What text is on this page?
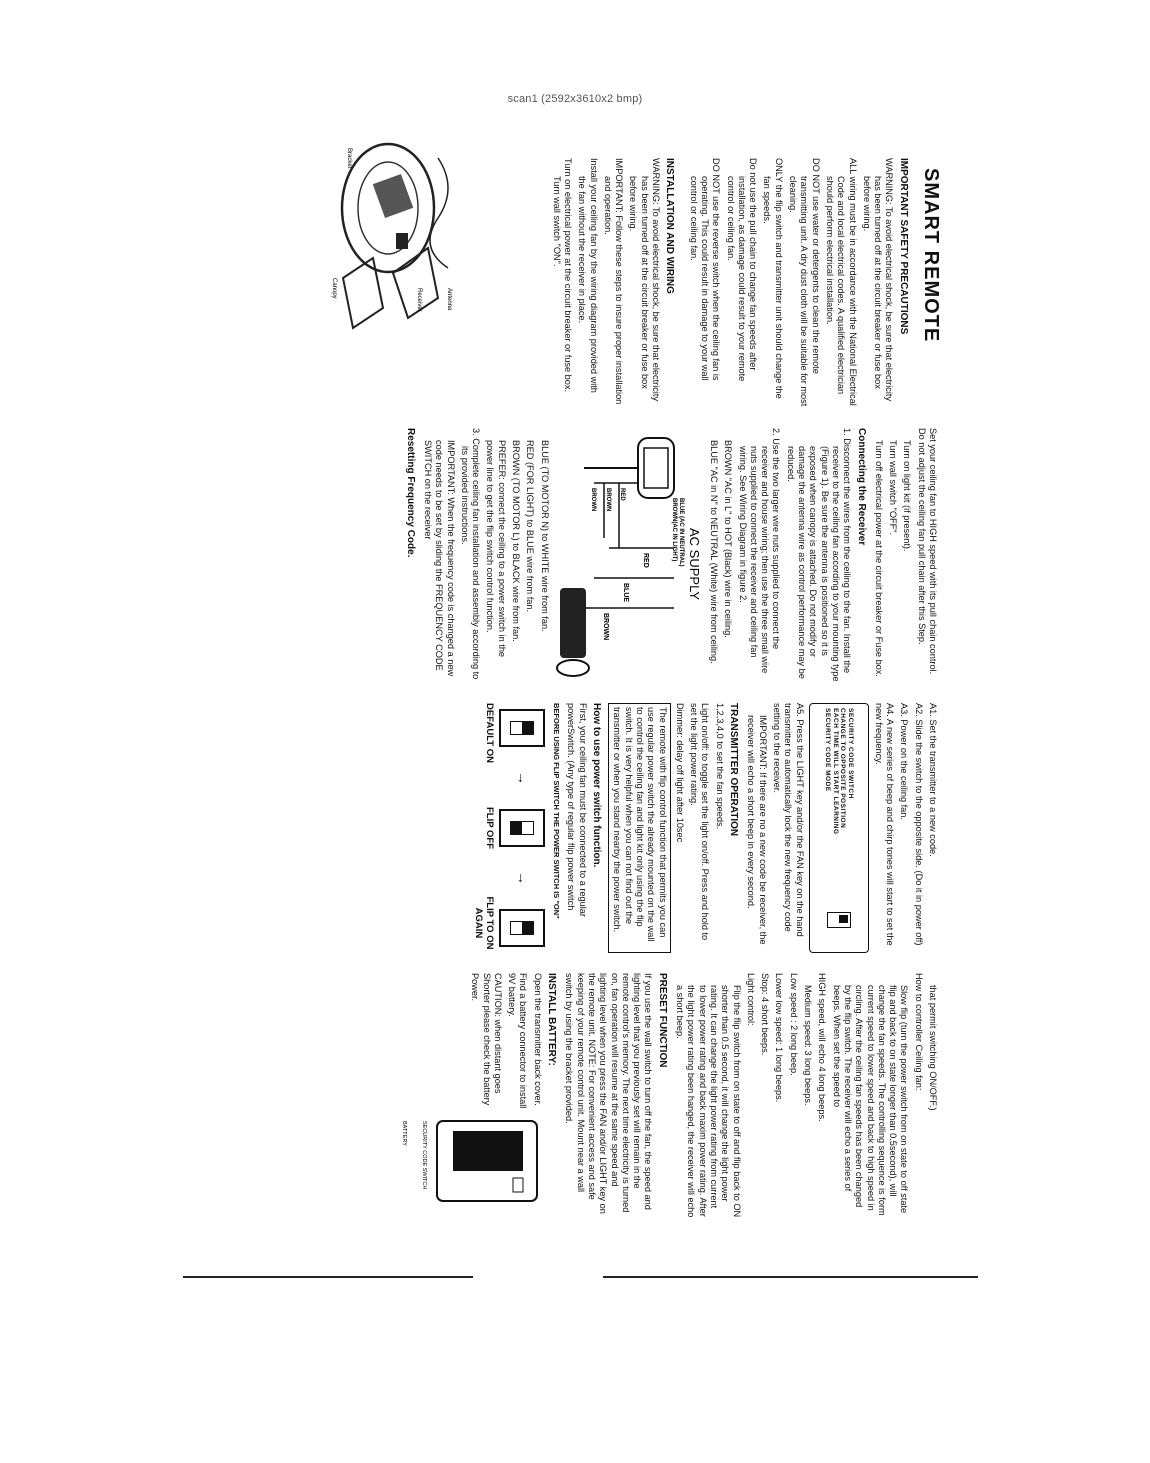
scan1 (2592x3610x2 bmp)
SMART REMOTE
IMPORTANT SAFETY PRECAUTIONS

WARNING: To avoid electrical shock, be sure that electricity has been turned off at the circuit breaker or fuse box before wiring.

ALL wiring must be in accordance with the National Electrical Code and local electrical codes. A qualified electrician should perform electrical installation.

DO NOT use water or detergents to clean the remote transmitting unit. A dry dust cloth will be suitable for most cleaning.

ONLY the flip switch and transmitter unit should change the fan speeds.

Do not use the pull chain to change fan speeds after installation, as damage could result to your remote control or ceiling fan.

DO NOT use the reverse switch when the ceiling fan is operating. This could result in damage to your wall control or ceiling fan.

INSTALLATION AND WIRING

WARNING: To avoid electrical shock, be sure that electricity has been turned off at the circuit breaker or fuse box before wiring.

IMPORTANT: Follow these steps to insure proper installation and operation.

Install your ceiling fan by the wiring diagram provided with the fan without the receiver in place.

Turn on electrical power at the circuit breaker or fuse box. Turn wall switch "ON".

Antenna
Receiver
Bracket
Canopy

Set your ceiling fan to HIGH speed with its pull chain control. Do not adjust the ceiling fan pull chain after this Step.

Turn on light kit (if present).

Turn wall switch "OFF".

Turn off electrical power at the circuit breaker or Fuse box.

Connecting the Receiver

1. Disconnect the wires from the ceiling to the fan. Install the receiver to the ceiling fan according to your mounting type (Figure 1). Be sure the antenna is positioned so it is exposed when canopy is attached. Do not modify or damage the antenna wire as control performance may be reduced.

2. Use the two larger wire nuts supplied to connect the receiver and house wiring; then use the three small wire nuts supplied to connect the receiver and ceiling fan wiring. See Wiring Diagram in figure 2.

BROWN "AC in L" to HOT (Black) wire in ceiling.

BLUE "AC in N" to NEUTRAL (White) wire from ceiling.

AC SUPPLY
BLUE (AC IN NEUTRAL)
BROWN(AC IN LIGHT)
RED
BROWN
BROWN
RED
BLUE
BROWN

BLUE (TO MOTOR N) to WHITE wire from fan.

RED (FOR LIGHT) to BLUE wire from fan.

BROWN (TO MOTOR L) to BLACK wire from fan.

PREFER: connect the ceiling to a power switch in the power line to get the flip switch control function.

3. Complete ceiling fan installation and assembly according to its provided instructions.

IMPORTANT: When the frequency code is changed a new code needs to be set by sliding the FREQUENCY CODE SWITCH on the receiver

Resetting Frequency Code.

A1. Set the transmitter to a new code.

A2. Slide the switch to the opposite side. (Do it in power off)

A3. Power on the ceiling fan.

A4. A new series of beep and chirp tones will start to set the new frequency.

SECURITY CODE SWITCH
CHANGE TO OPPOSITE POSITION
EACH TIME WILL START LEARNING
SECURITY CODE MODE

A5. Press the LIGHT key and/or the FAN key on the hand transmitter to automatically lock the new frequency code setting to the receiver.

IMPORTANT: If there are no a new code be receiver, the receiver will echo a short beep in every second.

TRANSMITTER OPERATION

1,2,3,4,0 to set the fan speeds.

Light on/off: to toggle set the light on/off. Press and hold to set the light power rating.

Dimmer: delay off light after 10sec

The remote with flip control function that permits you can use regular power switch the already mounted on the wall to control the ceiling fan and light kit only using the flip switch. It is very helpful when you can not find out the transmitter or when you stand nearby the power switch.

How to use power switch function.

First, your ceiling fan must be connected to a regular powerSwitch. (Any type of regular flip power switch

BEFORE USING FLIP SWITCH THE POWER SWITCH IS "ON"

→
→
DEFAULT ON
FLIP OFF
FLIP TO ON AGAIN

that permit switching ON/OFF.)

How to controller Ceiling fan:

Slow flip (turn the power switch from on state to off state flip and back to on state longer than 0.5second), will change the fan speeds. The controlling sequence is form current speed to lower speed and back to high speed in circling. After the ceiling fan speeds has been changed by the flip switch. The receiver will echo a series of beeps. When set the speed to

HIGH speed, will echo 4 long beeps.

Medium speed: 3 long beeps.

Low speed : 2 long beep.

Lower low speed: 1 long beeps.

Stop: 4 short beeps.

Light control:

Flip the flip switch from on state to off and flip back to ON shorter than 0.5 second, it will change the light power rating. It can change the light power rating from current to lower power rating and back maxim power rating. After the light power rating been hanged, the receiver will echo a short beep.

PRESET FUNCTION

If you use the wall switch to turn off the fan, the speed and lighting level that you previously set will remain in the remote control's memory. The next time electricity is turned on, fan operation will resume at the same speed and lighting level when you press the FAN and/or LIGHT key on the remote unit. NOTE: For convenient access and safe keeping of your remote control unit. Mount near a wall switch by using the bracket provided.

INSTALL BATTERY:

Open the transmitter back cover.

Find a battery connector to install 9V battery.

CAUTION: when distant goes Shorter please check the battery Power.

SECURITY CODE SWITCH
BATTERY
